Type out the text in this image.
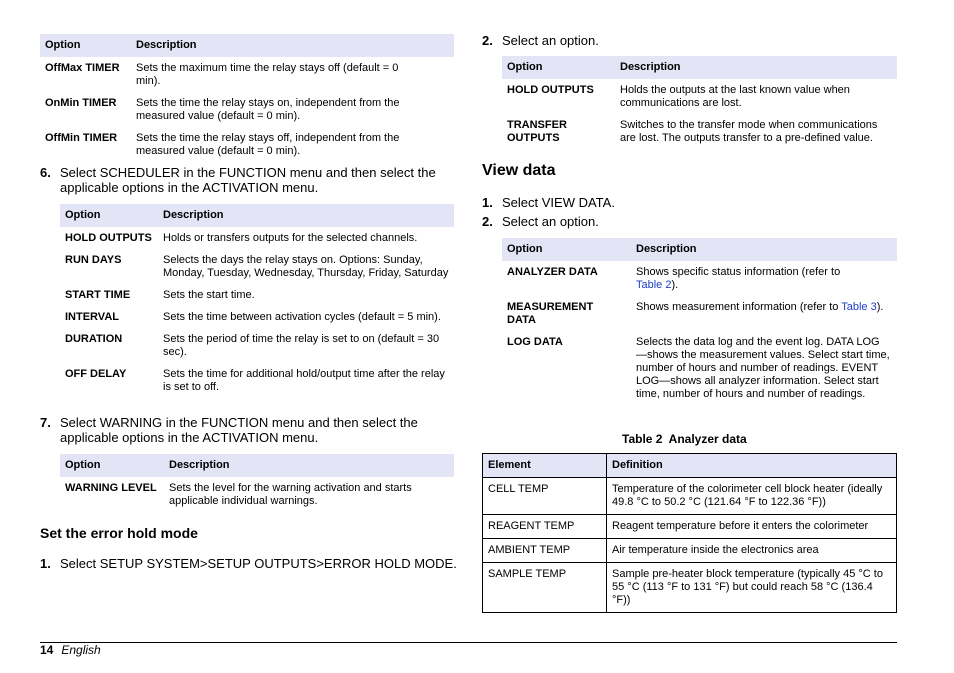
Option	Description
OffMax TIMER	Sets the maximum time the relay stays off (default = 0 min).
OnMin TIMER	Sets the time the relay stays on, independent from the measured value (default = 0 min).
OffMin TIMER	Sets the time the relay stays off, independent from the measured value (default = 0 min).
6. Select SCHEDULER in the FUNCTION menu and then select the applicable options in the ACTIVATION menu.
Option	Description
HOLD OUTPUTS	Holds or transfers outputs for the selected channels.
RUN DAYS	Selects the days the relay stays on. Options: Sunday, Monday, Tuesday, Wednesday, Thursday, Friday, Saturday
START TIME	Sets the start time.
INTERVAL	Sets the time between activation cycles (default = 5 min).
DURATION	Sets the period of time the relay is set to on (default = 30 sec).
OFF DELAY	Sets the time for additional hold/output time after the relay is set to off.
7. Select WARNING in the FUNCTION menu and then select the applicable options in the ACTIVATION menu.
Option	Description
WARNING LEVEL	Sets the level for the warning activation and starts applicable individual warnings.
Set the error hold mode
1. Select SETUP SYSTEM>SETUP OUTPUTS>ERROR HOLD MODE.
2. Select an option.
Option	Description
HOLD OUTPUTS	Holds the outputs at the last known value when communications are lost.
TRANSFER OUTPUTS	Switches to the transfer mode when communications are lost. The outputs transfer to a pre-defined value.
View data
1. Select VIEW DATA.
2. Select an option.
Option	Description
ANALYZER DATA	Shows specific status information (refer to Table 2).
MEASUREMENT DATA	Shows measurement information (refer to Table 3).
LOG DATA	Selects the data log and the event log. DATA LOG —shows the measurement values. Select start time, number of hours and number of readings. EVENT LOG—shows all analyzer information. Select start time, number of hours and number of readings.
Table 2  Analyzer data
Element	Definition
CELL TEMP	Temperature of the colorimeter cell block heater (ideally 49.8 °C to 50.2 °C (121.64 °F to 122.36 °F))
REAGENT TEMP	Reagent temperature before it enters the colorimeter
AMBIENT TEMP	Air temperature inside the electronics area
SAMPLE TEMP	Sample pre-heater block temperature (typically 45 °C to 55 °C (113 °F to 131 °F) but could reach 58 °C (136.4 °F))
14 English
